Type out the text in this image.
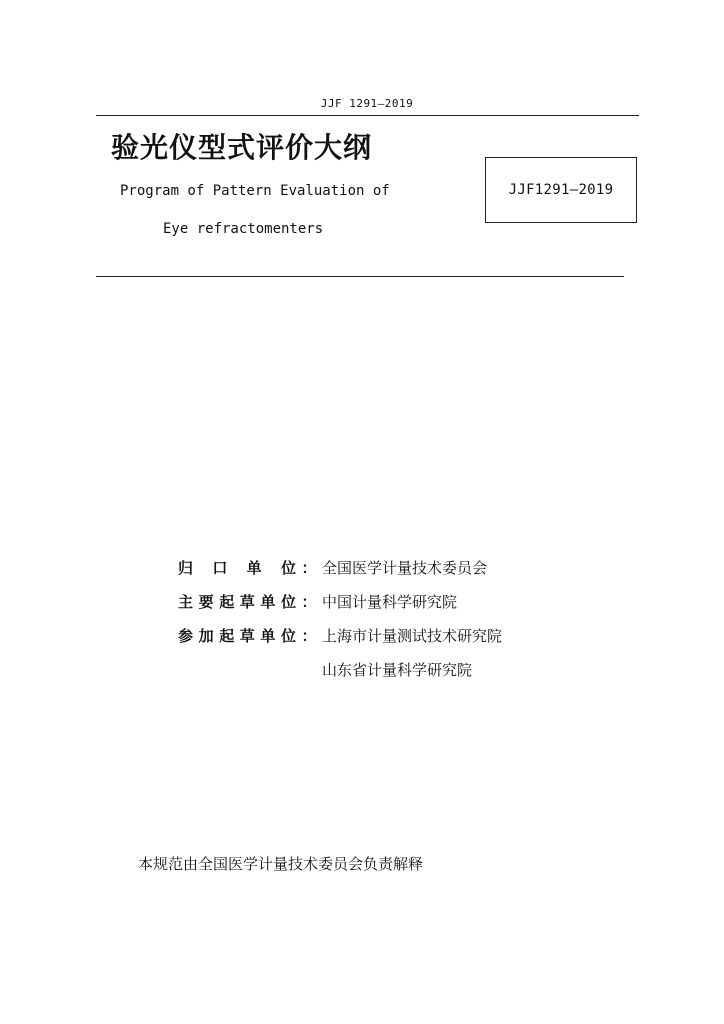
JJF 1291—2019
验光仪型式评价大纲
Program of Pattern Evaluation of
Eye refractomenters
JJF1291—2019
归 口 单 位 ： 全国医学计量技术委员会
主要起草单位 ： 中国计量科学研究院
参加起草单位 ： 上海市计量测试技术研究院
山东省计量科学研究院
本规范由全国医学计量技术委员会负责解释
